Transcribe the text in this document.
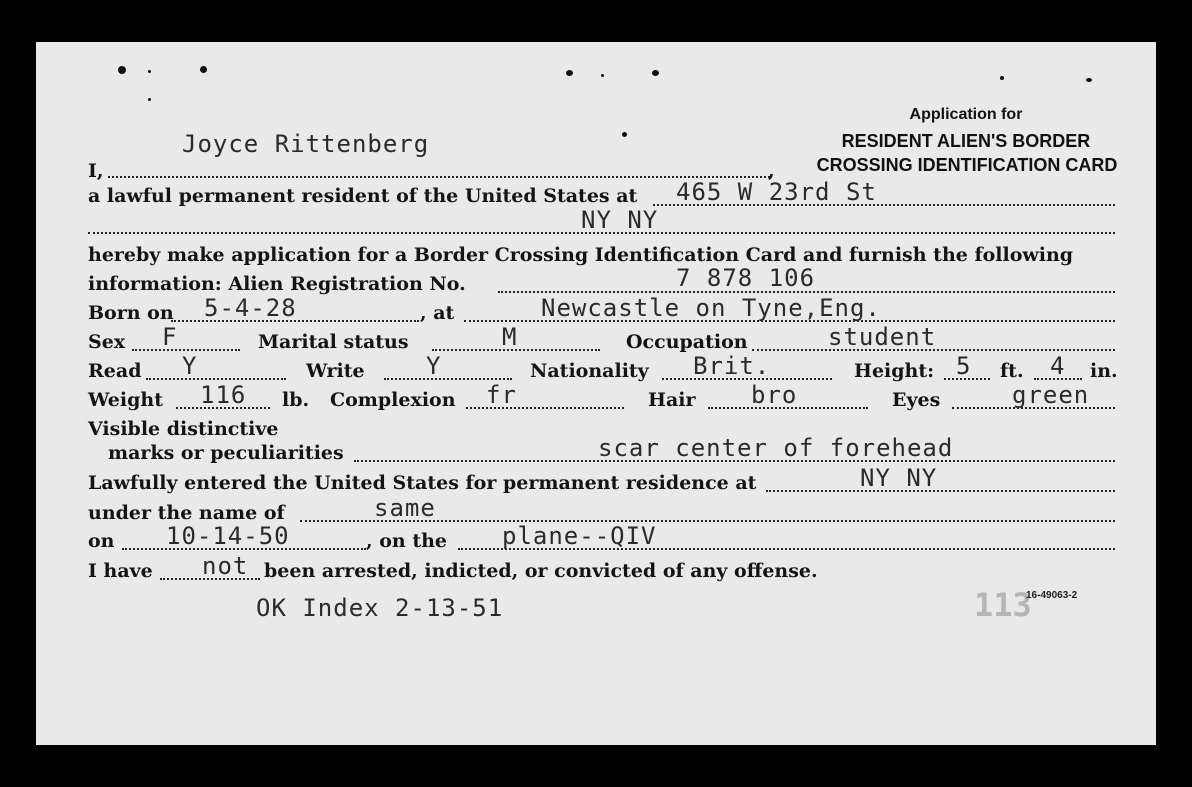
Application for
RESIDENT ALIEN'S BORDER
CROSSING IDENTIFICATION CARD
I,	,
Joyce Rittenberg
a lawful permanent resident of the United States at 465 W 23rd St
NY NY
hereby make application for a Border Crossing Identification Card and furnish the following
information: Alien Registration No.	7 878 106
Born on 5-4-28	, at	Newcastle on Tyne,Eng.
Sex F	Marital status	M	Occupation	student
Read Y	Write	Y	Nationality Brit.	Height: 5 ft. 4 in.
Weight 116 lb. Complexion fr	Hair bro	Eyes	green
Visible distinctive
marks or peculiarities	scar center of forehead
Lawfully entered the United States for permanent residence at	NY NY
under the name of	same
on 10-14-50	, on the plane--QIV
I have not been arrested, indicted, or convicted of any offense.
OK Index 2-13-51	113
16-49063-2
